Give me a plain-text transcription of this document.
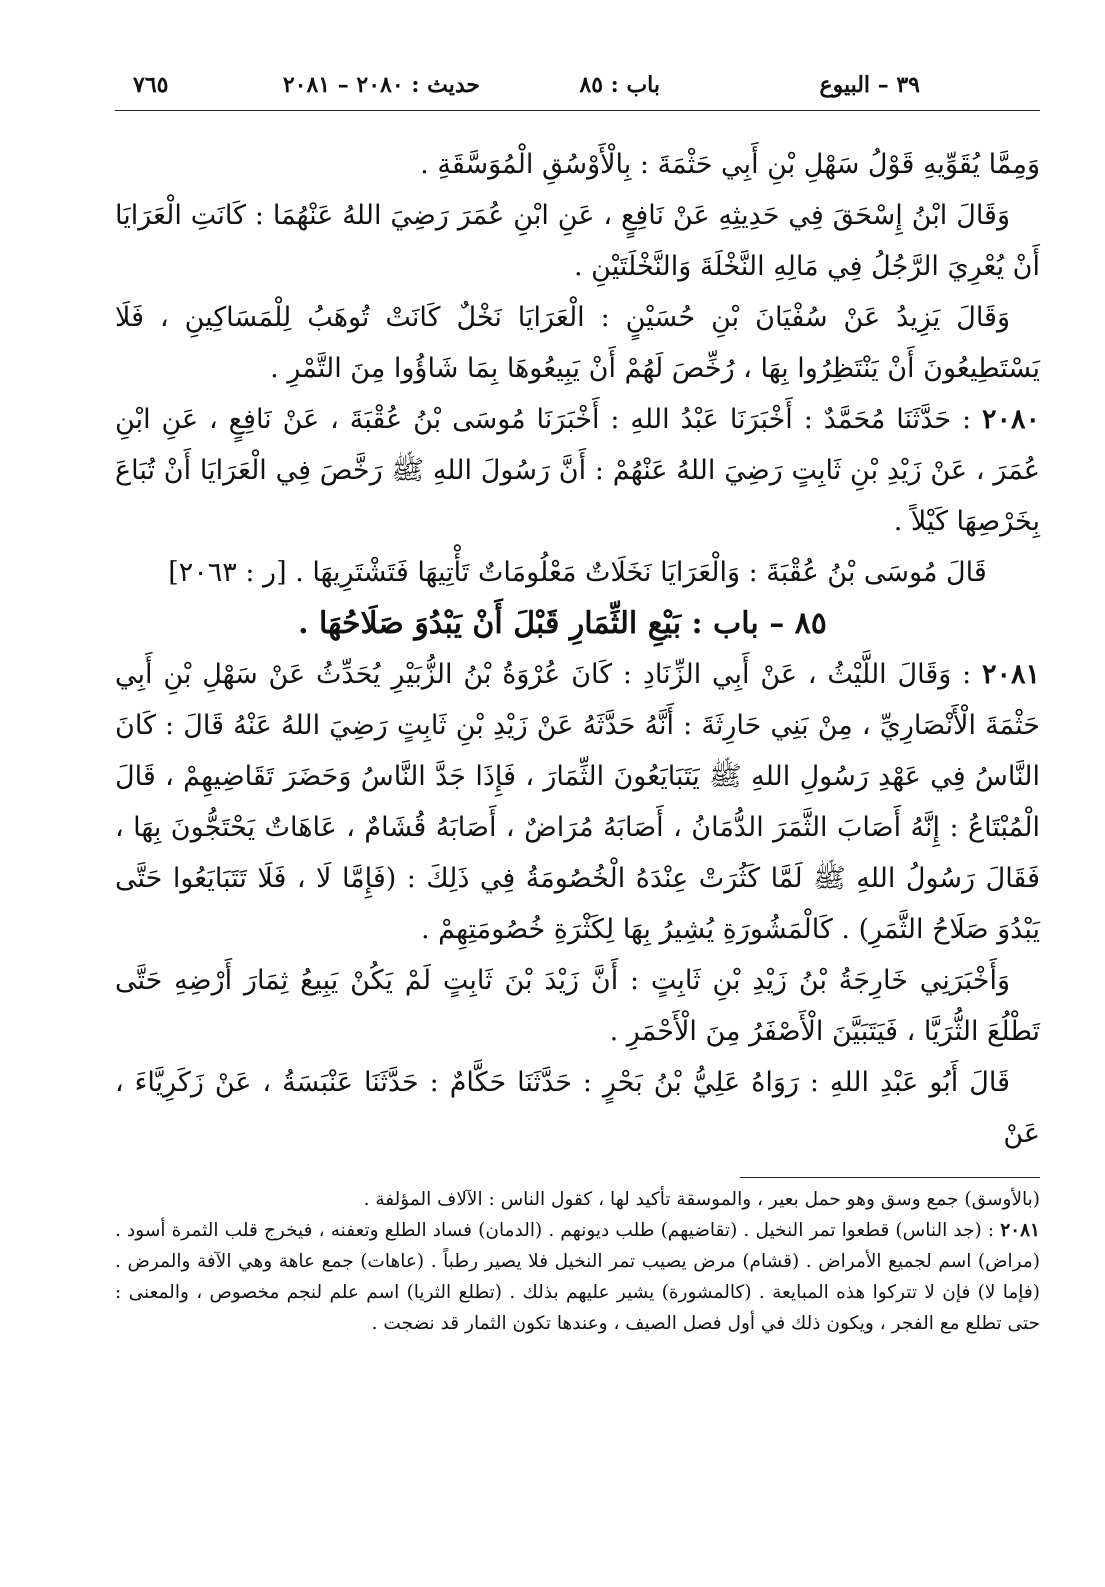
٣٩ – البيوع
باب : ٨٥
حديث : ٢٠٨٠ – ٢٠٨١
٧٦٥

وَمِمَّا يُقَوِّيهِ قَوْلُ سَهْلِ بْنِ أَبِي حَثْمَةَ : بِالْأَوْسُقِ الْمُوَسَّقَةِ .

وَقَالَ ابْنُ إِسْحَقَ فِي حَدِيثِهِ عَنْ نَافِعٍ ، عَنِ ابْنِ عُمَرَ رَضِيَ اللهُ عَنْهُمَا : كَانَتِ الْعَرَايَا أَنْ يُعْرِيَ الرَّجُلُ فِي مَالِهِ النَّخْلَةَ وَالنَّخْلَتَيْنِ .

وَقَالَ يَزِيدُ عَنْ سُفْيَانَ بْنِ حُسَيْنٍ : الْعَرَايَا نَخْلٌ كَانَتْ تُوهَبُ لِلْمَسَاكِينِ ، فَلَا يَسْتَطِيعُونَ أَنْ يَنْتَظِرُوا بِهَا ، رُخِّصَ لَهُمْ أَنْ يَبِيعُوهَا بِمَا شَاؤُوا مِنَ التَّمْرِ .

٢٠٨٠ : حَدَّثَنَا مُحَمَّدٌ : أَخْبَرَنَا عَبْدُ اللهِ : أَخْبَرَنَا مُوسَى بْنُ عُقْبَةَ ، عَنْ نَافِعٍ ، عَنِ ابْنِ عُمَرَ ، عَنْ زَيْدِ بْنِ ثَابِتٍ رَضِيَ اللهُ عَنْهُمْ : أَنَّ رَسُولَ اللهِ ﷺ رَخَّصَ فِي الْعَرَايَا أَنْ تُبَاعَ بِخَرْصِهَا كَيْلاً .

قَالَ مُوسَى بْنُ عُقْبَةَ : وَالْعَرَايَا نَخَلَاتٌ مَعْلُومَاتٌ تَأْتِيهَا فَتَشْتَرِيهَا . [ر : ٢٠٦٣]

٨٥ – باب : بَيْعِ الثِّمَارِ قَبْلَ أَنْ يَبْدُوَ صَلَاحُهَا .

٢٠٨١ : وَقَالَ اللَّيْثُ ، عَنْ أَبِي الزِّنَادِ : كَانَ عُرْوَةُ بْنُ الزُّبَيْرِ يُحَدِّثُ عَنْ سَهْلِ بْنِ أَبِي حَثْمَةَ الْأَنْصَارِيِّ ، مِنْ بَنِي حَارِثَةَ : أَنَّهُ حَدَّثَهُ عَنْ زَيْدِ بْنِ ثَابِتٍ رَضِيَ اللهُ عَنْهُ قَالَ : كَانَ النَّاسُ فِي عَهْدِ رَسُولِ اللهِ ﷺ يَتَبَايَعُونَ الثِّمَارَ ، فَإِذَا جَدَّ النَّاسُ وَحَضَرَ تَقَاضِيهِمْ ، قَالَ الْمُبْتَاعُ : إِنَّهُ أَصَابَ الثَّمَرَ الدُّمَانُ ، أَصَابَهُ مُرَاضٌ ، أَصَابَهُ قُشَامٌ ، عَاهَاتٌ يَحْتَجُّونَ بِهَا ، فَقَالَ رَسُولُ اللهِ ﷺ لَمَّا كَثُرَتْ عِنْدَهُ الْخُصُومَةُ فِي ذَلِكَ : (فَإِمَّا لَا ، فَلَا تَتَبَايَعُوا حَتَّى يَبْدُوَ صَلَاحُ الثَّمَرِ) . كَالْمَشُورَةِ يُشِيرُ بِهَا لِكَثْرَةِ خُصُومَتِهِمْ .

وَأَخْبَرَنِي خَارِجَةُ بْنُ زَيْدِ بْنِ ثَابِتٍ : أَنَّ زَيْدَ بْنَ ثَابِتٍ لَمْ يَكُنْ يَبِيعُ ثِمَارَ أَرْضِهِ حَتَّى تَطْلُعَ الثُّرَيَّا ، فَيَتَبَيَّنَ الْأَصْفَرُ مِنَ الْأَحْمَرِ .

قَالَ أَبُو عَبْدِ اللهِ : رَوَاهُ عَلِيُّ بْنُ بَحْرٍ : حَدَّثَنَا حَكَّامٌ : حَدَّثَنَا عَنْبَسَةُ ، عَنْ زَكَرِيَّاءَ ، عَنْ

(بالأوسق) جمع وسق وهو حمل بعير ، والموسقة تأكيد لها ، كقول الناس : الآلاف المؤلفة .

٢٠٨١ : (جد الناس) قطعوا تمر النخيل . (تقاضيهم) طلب ديونهم . (الدمان) فساد الطلع وتعفنه ، فيخرج قلب الثمرة أسود . (مراض) اسم لجميع الأمراض . (قشام) مرض يصيب تمر النخيل فلا يصير رطباً . (عاهات) جمع عاهة وهي الآفة والمرض . (فإما لا) فإن لا تتركوا هذه المبايعة . (كالمشورة) يشير عليهم بذلك . (تطلع الثريا) اسم علم لنجم مخصوص ، والمعنى : حتى تطلع مع الفجر ، ويكون ذلك في أول فصل الصيف ، وعندها تكون الثمار قد نضجت .
